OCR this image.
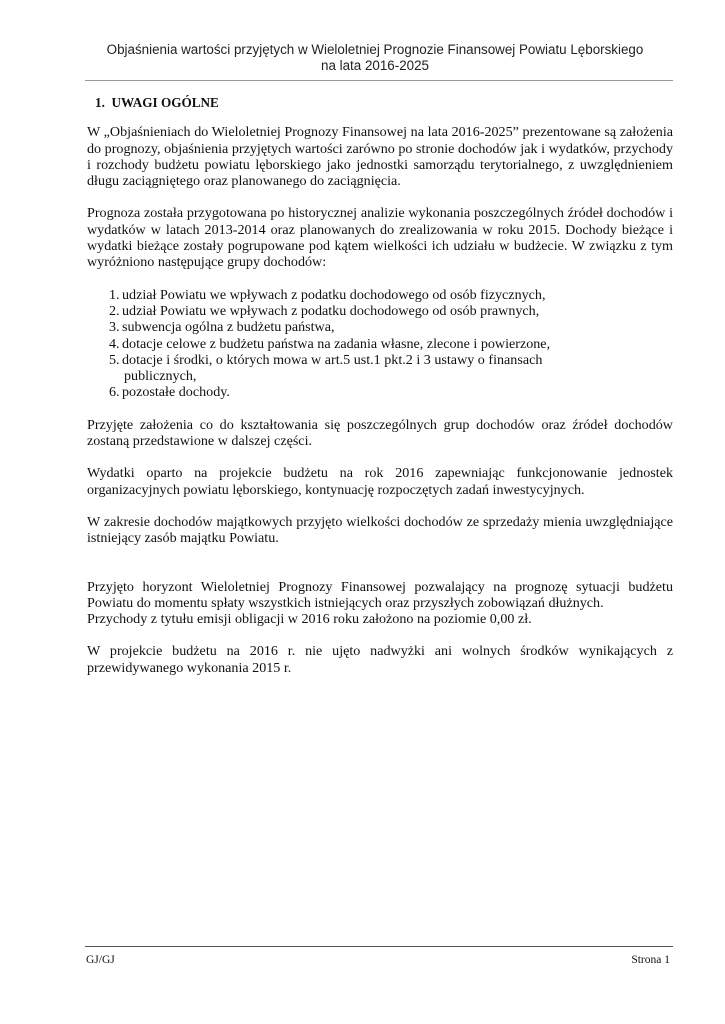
Objaśnienia wartości przyjętych w Wieloletniej Prognozie Finansowej Powiatu Lęborskiego
na lata 2016-2025
1. UWAGI OGÓLNE

W „Objaśnieniach do Wieloletniej Prognozy Finansowej na lata 2016-2025” prezentowane są założenia do prognozy, objaśnienia przyjętych wartości zarówno po stronie dochodów jak i wydatków, przychody i rozchody budżetu powiatu lęborskiego jako jednostki samorządu terytorialnego, z uwzględnieniem długu zaciągniętego oraz planowanego do zaciągnięcia.

Prognoza została przygotowana po historycznej analizie wykonania poszczególnych źródeł dochodów i wydatków w latach 2013-2014 oraz planowanych do zrealizowania w roku 2015. Dochody bieżące i wydatki bieżące zostały pogrupowane pod kątem wielkości ich udziału w budżecie. W związku z tym wyróżniono następujące grupy dochodów:

1. udział Powiatu we wpływach z podatku dochodowego od osób fizycznych,
2. udział Powiatu we wpływach z podatku dochodowego od osób prawnych,
3. subwencja ogólna z budżetu państwa,
4. dotacje celowe z budżetu państwa na zadania własne, zlecone i powierzone,
5. dotacje i środki, o których mowa w art.5 ust.1 pkt.2 i 3 ustawy o finansach
publicznych,
6. pozostałe dochody.

Przyjęte założenia co do kształtowania się poszczególnych grup dochodów oraz źródeł dochodów zostaną przedstawione w dalszej części.

Wydatki oparto na projekcie budżetu na rok 2016 zapewniając funkcjonowanie jednostek organizacyjnych powiatu lęborskiego, kontynuację rozpoczętych zadań inwestycyjnych.

W zakresie dochodów majątkowych przyjęto wielkości dochodów ze sprzedaży mienia uwzględniające istniejący zasób majątku Powiatu.

Przyjęto horyzont Wieloletniej Prognozy Finansowej pozwalający na prognozę sytuacji budżetu Powiatu do momentu spłaty wszystkich istniejących oraz przyszłych zobowiązań dłużnych.

Przychody z tytułu emisji obligacji w 2016 roku założono na poziomie 0,00 zł.

W projekcie budżetu na 2016 r. nie ujęto nadwyżki ani wolnych środków wynikających z przewidywanego wykonania 2015 r.

GJ/GJ	Strona 1
